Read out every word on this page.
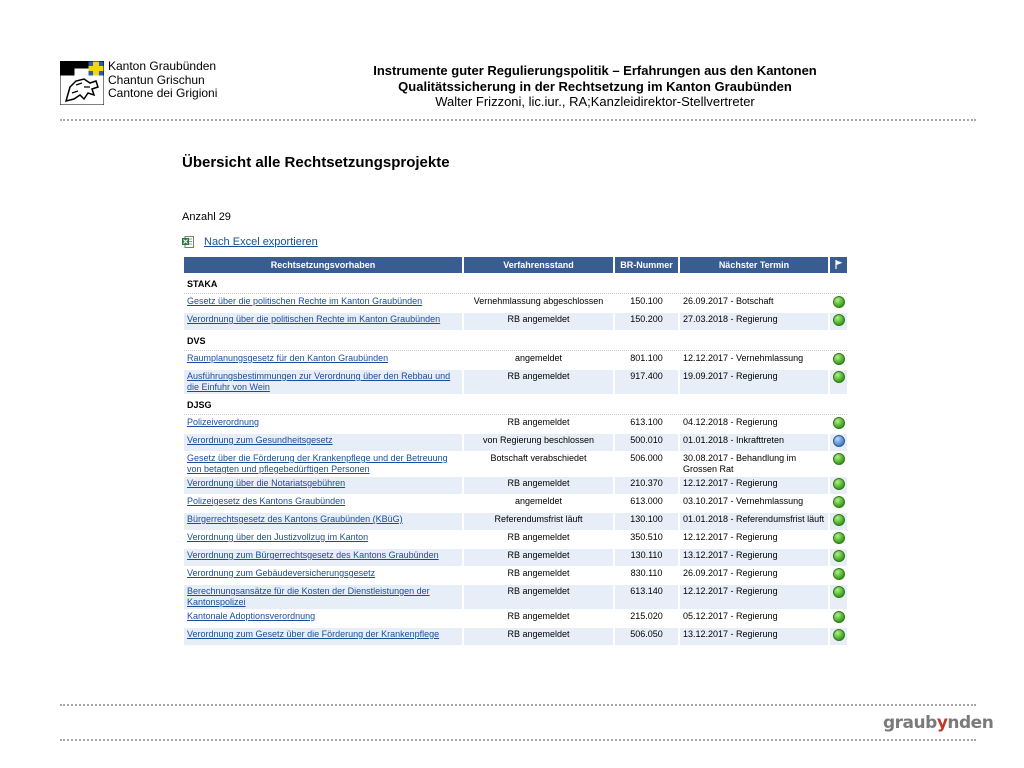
Kanton Graubünden
Chantun Grischun
Cantone dei Grigioni
Instrumente guter Regulierungspolitik – Erfahrungen aus den Kantonen
Qualitätssicherung in der Rechtsetzung im Kanton Graubünden
Walter Frizzoni, lic.iur., RA;Kanzleidirektor-Stellvertreter
Übersicht alle Rechtsetzungsprojekte
Anzahl 29
Nach Excel exportieren
Rechtsetzungsvorhaben	Verfahrensstand	BR-Nummer	Nächster Termin	
STAKA				
Gesetz über die politischen Rechte im Kanton Graubünden	Vernehmlassung abgeschlossen	150.100	26.09.2017 - Botschaft	
Verordnung über die politischen Rechte im Kanton Graubünden	RB angemeldet	150.200	27.03.2018 - Regierung	
DVS				
Raumplanungsgesetz für den Kanton Graubünden	angemeldet	801.100	12.12.2017 - Vernehmlassung	
Ausführungsbestimmungen zur Verordnung über den Rebbau und die Einfuhr von Wein	RB angemeldet	917.400	19.09.2017 - Regierung	
DJSG				
Polizeiverordnung	RB angemeldet	613.100	04.12.2018 - Regierung	
Verordnung zum Gesundheitsgesetz	von Regierung beschlossen	500.010	01.01.2018 - Inkrafttreten	
Gesetz über die Förderung der Krankenpflege und der Betreuung von betagten und pflegebedürftigen Personen	Botschaft verabschiedet	506.000	30.08.2017 - Behandlung im Grossen Rat	
Verordnung über die Notariatsgebühren	RB angemeldet	210.370	12.12.2017 - Regierung	
Polizeigesetz des Kantons Graubünden	angemeldet	613.000	03.10.2017 - Vernehmlassung	
Bürgerrechtsgesetz des Kantons Graubünden (KBüG)	Referendumsfrist läuft	130.100	01.01.2018 - Referendumsfrist läuft	
Verordnung über den Justizvollzug im Kanton	RB angemeldet	350.510	12.12.2017 - Regierung	
Verordnung zum Bürgerrechtsgesetz des Kantons Graubünden	RB angemeldet	130.110	13.12.2017 - Regierung	
Verordnung zum Gebäudeversicherungsgesetz	RB angemeldet	830.110	26.09.2017 - Regierung	
Berechnungsansätze für die Kosten der Dienstleistungen der Kantonspolizei	RB angemeldet	613.140	12.12.2017 - Regierung	
Kantonale Adoptionsverordnung	RB angemeldet	215.020	05.12.2017 - Regierung	
Verordnung zum Gesetz über die Förderung der Krankenpflege	RB angemeldet	506.050	13.12.2017 - Regierung	
graubynden
